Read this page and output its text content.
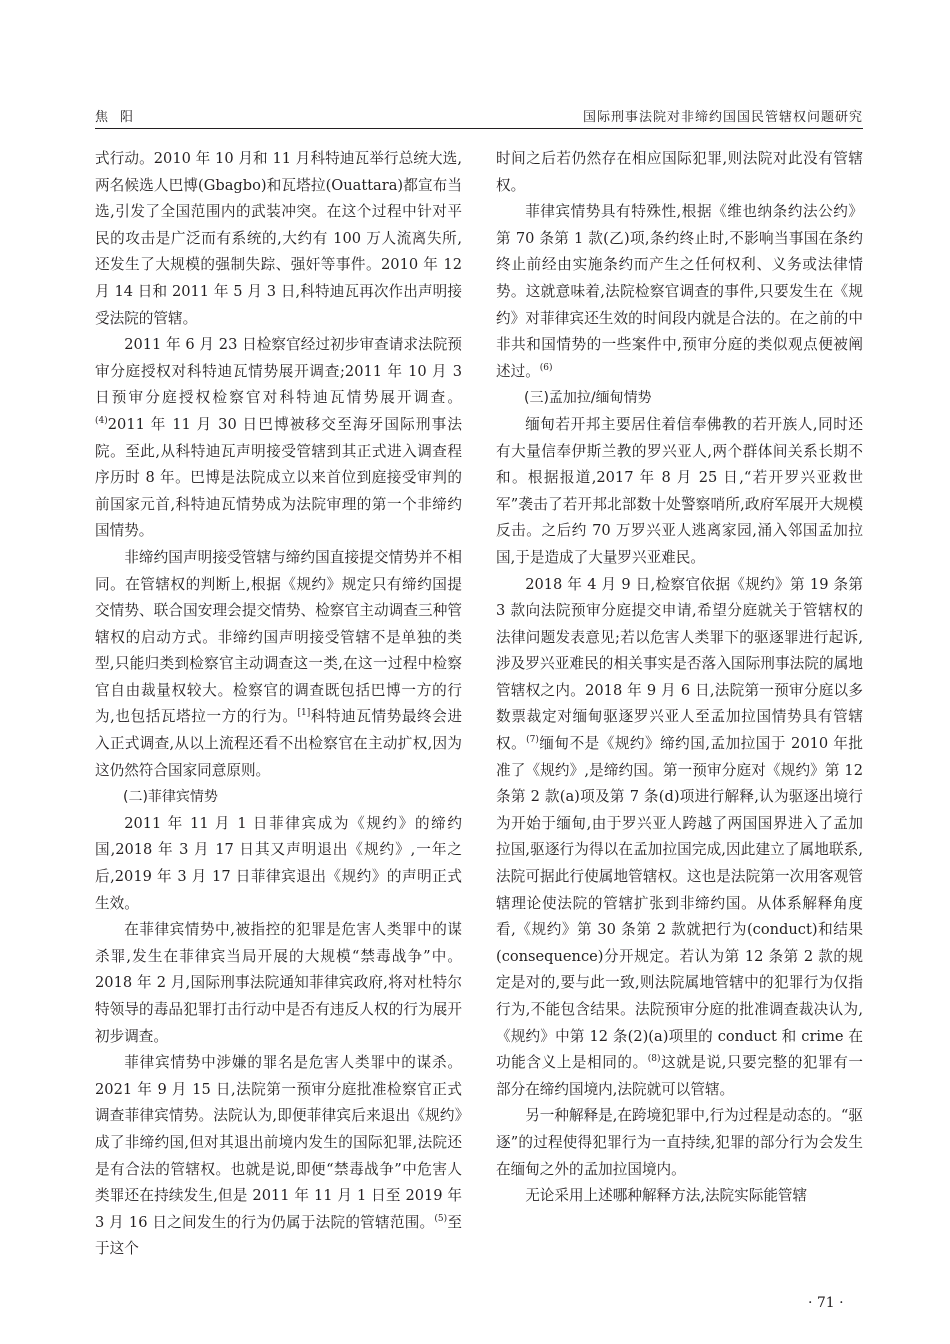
焦阳	国际刑事法院对非缔约国国民管辖权问题研究

式行动。2010 年 10 月和 11 月科特迪瓦举行总统大选,两名候选人巴博(Gbagbo)和瓦塔拉(Ouattara)都宣布当选,引发了全国范围内的武装冲突。在这个过程中针对平民的攻击是广泛而有系统的,大约有 100 万人流离失所,还发生了大规模的强制失踪、强奸等事件。2010 年 12 月 14 日和 2011 年 5 月 3 日,科特迪瓦再次作出声明接受法院的管辖。

2011 年 6 月 23 日检察官经过初步审查请求法院预审分庭授权对科特迪瓦情势展开调查;2011 年 10 月 3 日预审分庭授权检察官对科特迪瓦情势展开调查。$^{(4)}$2011 年 11 月 30 日巴博被移交至海牙国际刑事法院。至此,从科特迪瓦声明接受管辖到其正式进入调查程序历时 8 年。巴博是法院成立以来首位到庭接受审判的前国家元首,科特迪瓦情势成为法院审理的第一个非缔约国情势。

非缔约国声明接受管辖与缔约国直接提交情势并不相同。在管辖权的判断上,根据《规约》规定只有缔约国提交情势、联合国安理会提交情势、检察官主动调查三种管辖权的启动方式。非缔约国声明接受管辖不是单独的类型,只能归类到检察官主动调查这一类,在这一过程中检察官自由裁量权较大。检察官的调查既包括巴博一方的行为,也包括瓦塔拉一方的行为。[1]科特迪瓦情势最终会进入正式调查,从以上流程还看不出检察官在主动扩权,因为这仍然符合国家同意原则。

(二)菲律宾情势

2011 年 11 月 1 日菲律宾成为《规约》的缔约国,2018 年 3 月 17 日其又声明退出《规约》,一年之后,2019 年 3 月 17 日菲律宾退出《规约》的声明正式生效。

在菲律宾情势中,被指控的犯罪是危害人类罪中的谋杀罪,发生在菲律宾当局开展的大规模“禁毒战争”中。2018 年 2 月,国际刑事法院通知菲律宾政府,将对杜特尔特领导的毒品犯罪打击行动中是否有违反人权的行为展开初步调查。

菲律宾情势中涉嫌的罪名是危害人类罪中的谋杀。2021 年 9 月 15 日,法院第一预审分庭批准检察官正式调查菲律宾情势。法院认为,即便菲律宾后来退出《规约》成了非缔约国,但对其退出前境内发生的国际犯罪,法院还是有合法的管辖权。也就是说,即便“禁毒战争”中危害人类罪还在持续发生,但是 2011 年 11 月 1 日至 2019 年 3 月 16 日之间发生的行为仍属于法院的管辖范围。$^{(5)}$至于这个

时间之后若仍然存在相应国际犯罪,则法院对此没有管辖权。

菲律宾情势具有特殊性,根据《维也纳条约法公约》第 70 条第 1 款(乙)项,条约终止时,不影响当事国在条约终止前经由实施条约而产生之任何权利、义务或法律情势。这就意味着,法院检察官调查的事件,只要发生在《规约》对菲律宾还生效的时间段内就是合法的。在之前的中非共和国情势的一些案件中,预审分庭的类似观点便被阐述过。$^{(6)}$

(三)孟加拉/缅甸情势

缅甸若开邦主要居住着信奉佛教的若开族人,同时还有大量信奉伊斯兰教的罗兴亚人,两个群体间关系长期不和。根据报道,2017 年 8 月 25 日,“若开罗兴亚救世军”袭击了若开邦北部数十处警察哨所,政府军展开大规模反击。之后约 70 万罗兴亚人逃离家园,涌入邻国孟加拉国,于是造成了大量罗兴亚难民。

2018 年 4 月 9 日,检察官依据《规约》第 19 条第 3 款向法院预审分庭提交申请,希望分庭就关于管辖权的法律问题发表意见;若以危害人类罪下的驱逐罪进行起诉,涉及罗兴亚难民的相关事实是否落入国际刑事法院的属地管辖权之内。2018 年 9 月 6 日,法院第一预审分庭以多数票裁定对缅甸驱逐罗兴亚人至孟加拉国情势具有管辖权。$^{(7)}$缅甸不是《规约》缔约国,孟加拉国于 2010 年批准了《规约》,是缔约国。第一预审分庭对《规约》第 12 条第 2 款(a)项及第 7 条(d)项进行解释,认为驱逐出境行为开始于缅甸,由于罗兴亚人跨越了两国国界进入了孟加拉国,驱逐行为得以在孟加拉国完成,因此建立了属地联系,法院可据此行使属地管辖权。这也是法院第一次用客观管辖理论使法院的管辖扩张到非缔约国。从体系解释角度看,《规约》第 30 条第 2 款就把行为(conduct)和结果(consequence)分开规定。若认为第 12 条第 2 款的规定是对的,要与此一致,则法院属地管辖中的犯罪行为仅指行为,不能包含结果。法院预审分庭的批准调查裁决认为,《规约》中第 12 条(2)(a)项里的 conduct 和 crime 在功能含义上是相同的。$^{(8)}$这就是说,只要完整的犯罪有一部分在缔约国境内,法院就可以管辖。

另一种解释是,在跨境犯罪中,行为过程是动态的。“驱逐”的过程使得犯罪行为一直持续,犯罪的部分行为会发生在缅甸之外的孟加拉国境内。

无论采用上述哪种解释方法,法院实际能管辖

· 71 ·
